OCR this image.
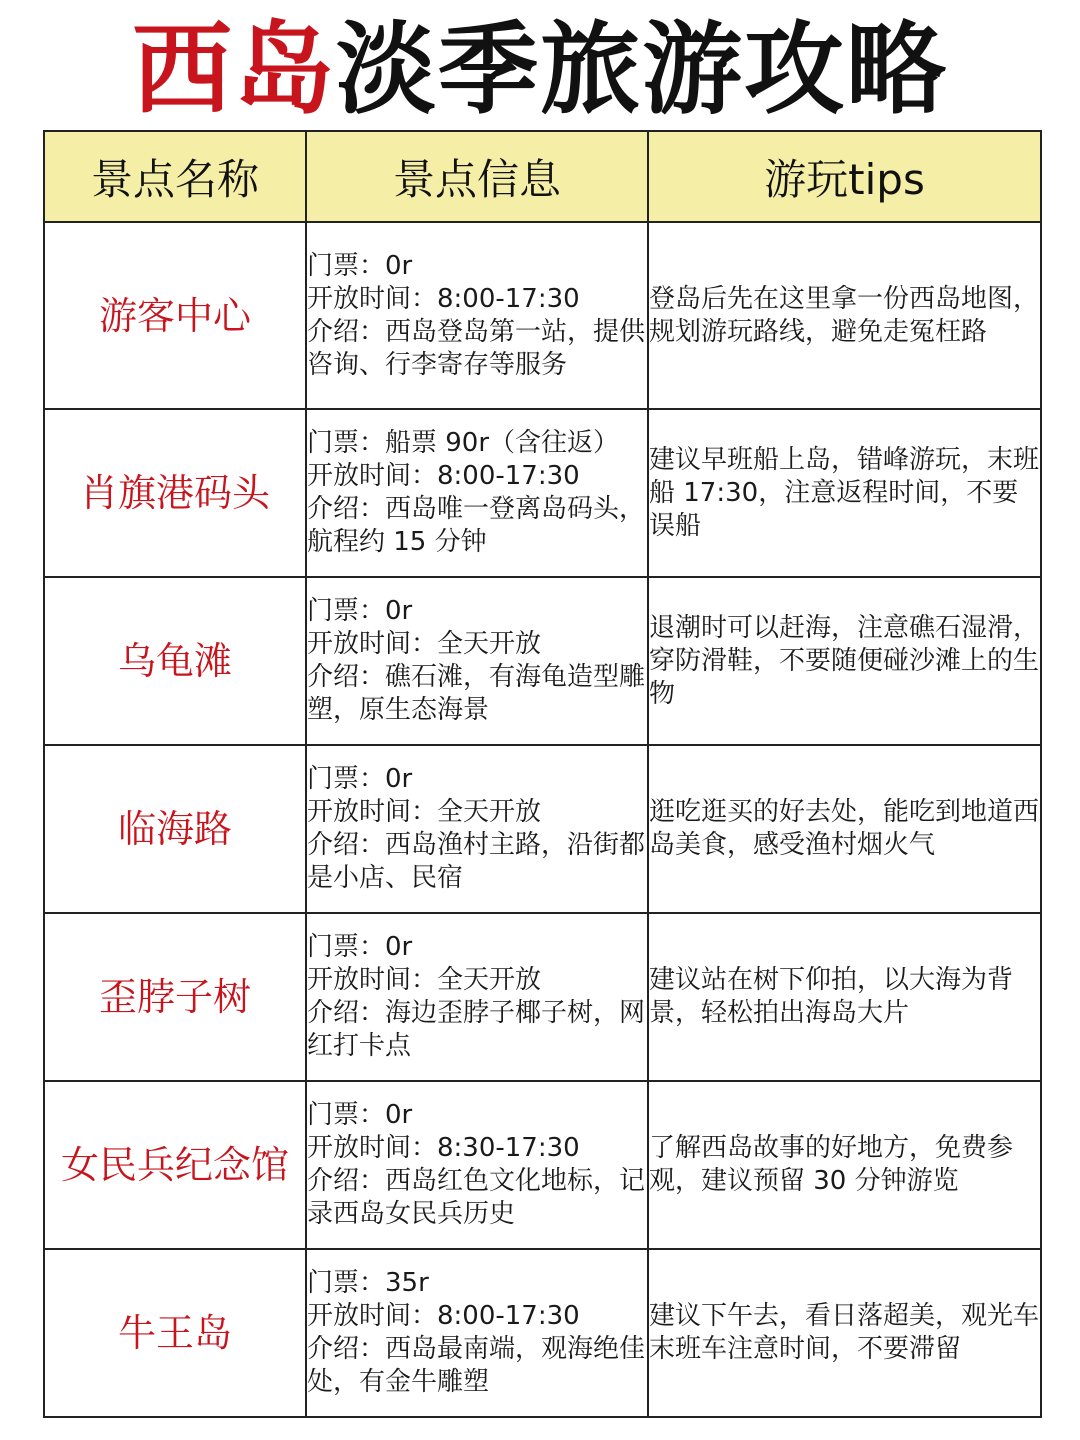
西岛淡季旅游攻略
景点名称	景点信息	游玩tips
游客中心	门票：0r
开放时间：8:00-17:30
介绍：西岛登岛第一站，提供咨询、行李寄存等服务	登岛后先在这里拿一份西岛地图，规划游玩路线，避免走冤枉路
肖旗港码头	门票：船票 90r（含往返）
开放时间：8:00-17:30
介绍：西岛唯一登离岛码头，航程约 15 分钟	建议早班船上岛，错峰游玩，末班船 17:30，注意返程时间，不要误船
乌龟滩	门票：0r
开放时间：全天开放
介绍：礁石滩，有海龟造型雕塑，原生态海景	退潮时可以赶海，注意礁石湿滑，穿防滑鞋，不要随便碰沙滩上的生物
临海路	门票：0r
开放时间：全天开放
介绍：西岛渔村主路，沿街都是小店、民宿	逛吃逛买的好去处，能吃到地道西岛美食，感受渔村烟火气
歪脖子树	门票：0r
开放时间：全天开放
介绍：海边歪脖子椰子树，网红打卡点	建议站在树下仰拍，以大海为背景，轻松拍出海岛大片
女民兵纪念馆	门票：0r
开放时间：8:30-17:30
介绍：西岛红色文化地标，记录西岛女民兵历史	了解西岛故事的好地方，免费参观，建议预留 30 分钟游览
牛王岛	门票：35r
开放时间：8:00-17:30
介绍：西岛最南端，观海绝佳处，有金牛雕塑	建议下午去，看日落超美，观光车末班车注意时间，不要滞留
